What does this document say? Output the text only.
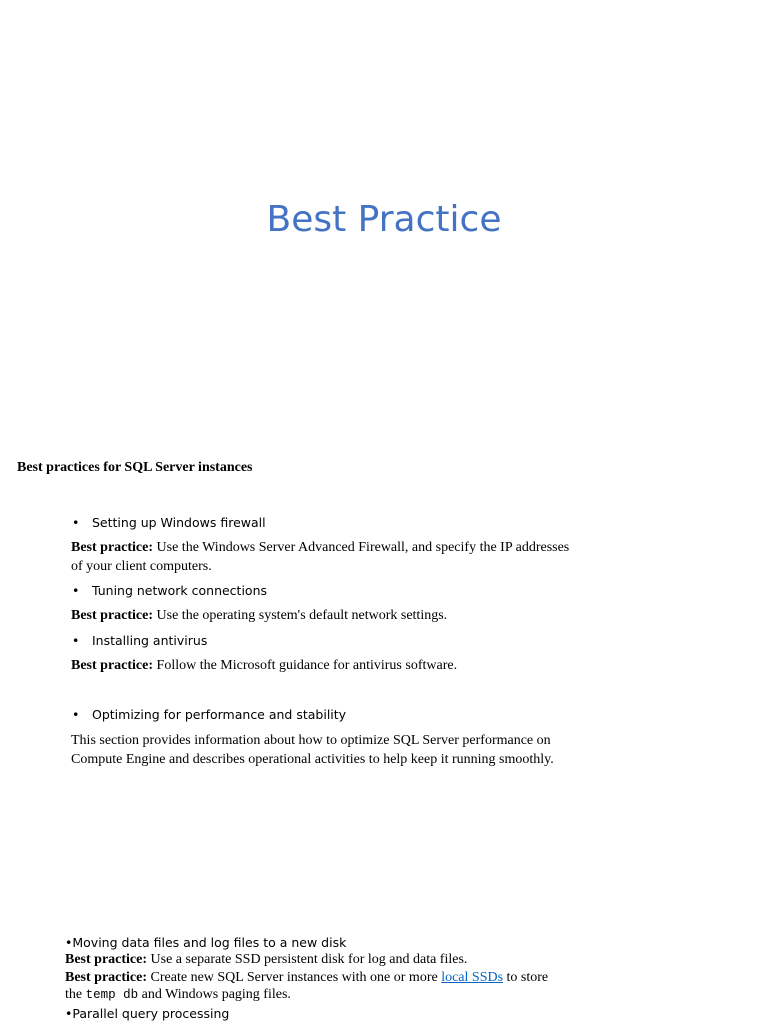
Best Practice
Best practices for SQL Server instances
• Setting up Windows firewall
Best practice: Use the Windows Server Advanced Firewall, and specify the IP addresses of your client computers.
• Tuning network connections
Best practice: Use the operating system's default network settings.
• Installing antivirus
Best practice: Follow the Microsoft guidance for antivirus software.
• Optimizing for performance and stability
This section provides information about how to optimize SQL Server performance on Compute Engine and describes operational activities to help keep it running smoothly.
•Moving data files and log files to a new disk
Best practice: Use a separate SSD persistent disk for log and data files.
Best practice: Create new SQL Server instances with one or more local SSDs to store
the temp db and Windows paging files.
•Parallel query processing
